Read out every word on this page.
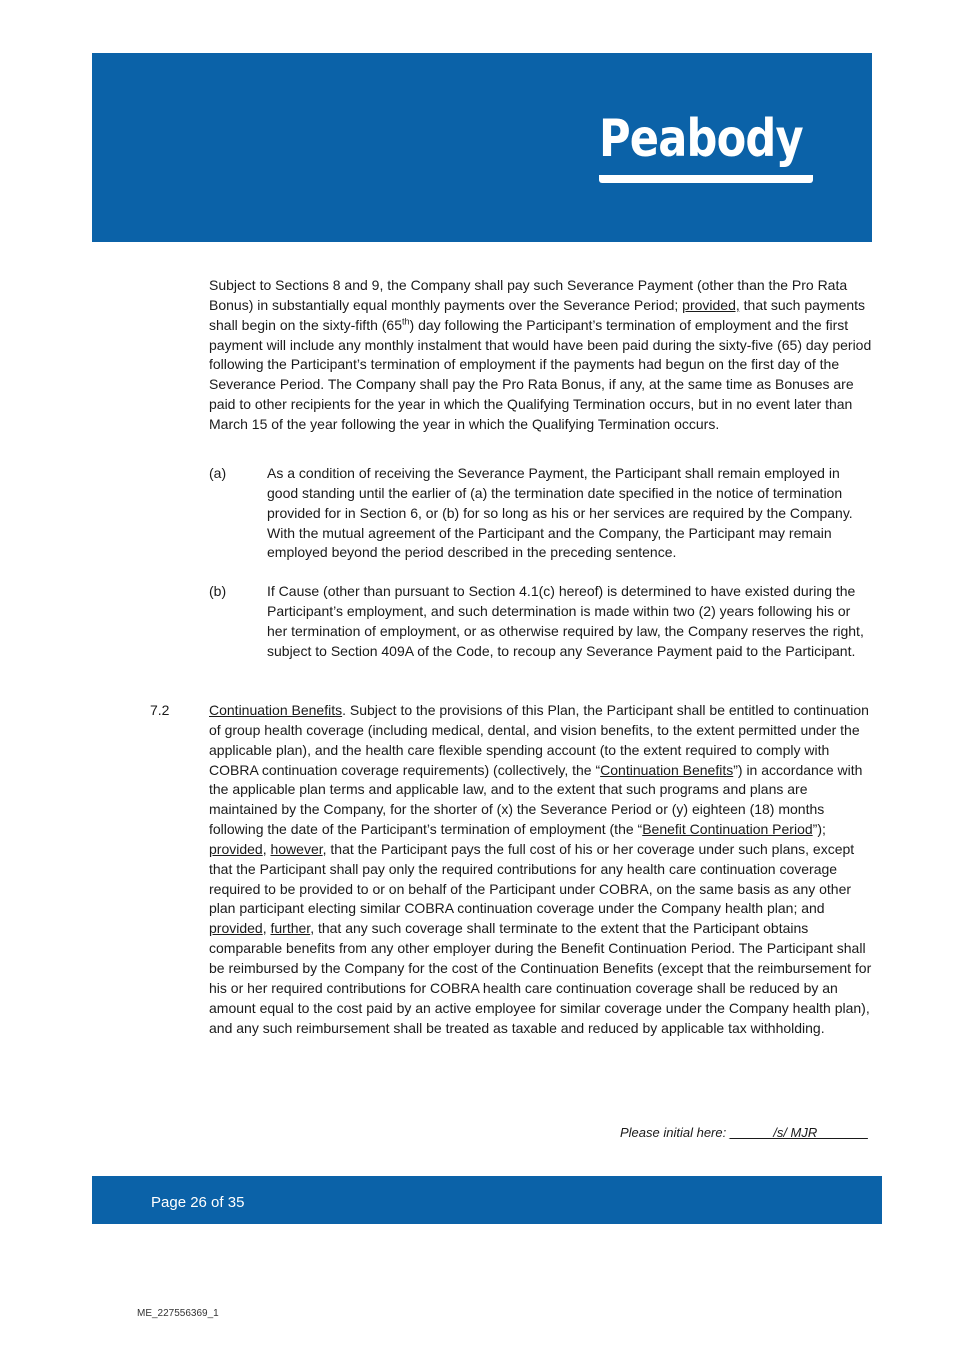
Peabody

Subject to Sections 8 and 9, the Company shall pay such Severance Payment (other than the Pro Rata Bonus) in substantially equal monthly payments over the Severance Period; provided, that such payments shall begin on the sixty-fifth (65th) day following the Participant’s termination of employment and the first payment will include any monthly instalment that would have been paid during the sixty-five (65) day period following the Participant’s termination of employment if the payments had begun on the first day of the Severance Period. The Company shall pay the Pro Rata Bonus, if any, at the same time as Bonuses are paid to other recipients for the year in which the Qualifying Termination occurs, but in no event later than March 15 of the year following the year in which the Qualifying Termination occurs.

(a)	As a condition of receiving the Severance Payment, the Participant shall remain employed in good standing until the earlier of (a) the termination date specified in the notice of termination provided for in Section 6, or (b) for so long as his or her services are required by the Company. With the mutual agreement of the Participant and the Company, the Participant may remain employed beyond the period described in the preceding sentence.
(b)	If Cause (other than pursuant to Section 4.1(c) hereof) is determined to have existed during the Participant’s employment, and such determination is made within two (2) years following his or her termination of employment, or as otherwise required by law, the Company reserves the right, subject to Section 409A of the Code, to recoup any Severance Payment paid to the Participant.
7.2	Continuation Benefits. Subject to the provisions of this Plan, the Participant shall be entitled to continuation of group health coverage (including medical, dental, and vision benefits, to the extent permitted under the applicable plan), and the health care flexible spending account (to the extent required to comply with COBRA continuation coverage requirements) (collectively, the “Continuation Benefits”) in accordance with the applicable plan terms and applicable law, and to the extent that such programs and plans are maintained by the Company, for the shorter of (x) the Severance Period or (y) eighteen (18) months following the date of the Participant’s termination of employment (the “Benefit Continuation Period”); provided, however, that the Participant pays the full cost of his or her coverage under such plans, except that the Participant shall pay only the required contributions for any health care continuation coverage required to be provided to or on behalf of the Participant under COBRA, on the same basis as any other plan participant electing similar COBRA continuation coverage under the Company health plan; and provided, further, that any such coverage shall terminate to the extent that the Participant obtains comparable benefits from any other employer during the Benefit Continuation Period. The Participant shall be reimbursed by the Company for the cost of the Continuation Benefits (except that the reimbursement for his or her required contributions for COBRA health care continuation coverage shall be reduced by an amount equal to the cost paid by an active employee for similar coverage under the Company health plan), and any such reimbursement shall be treated as taxable and reduced by applicable tax withholding.
Please initial here: ______/s/ MJR_______
Page 26 of 35
ME_227556369_1
